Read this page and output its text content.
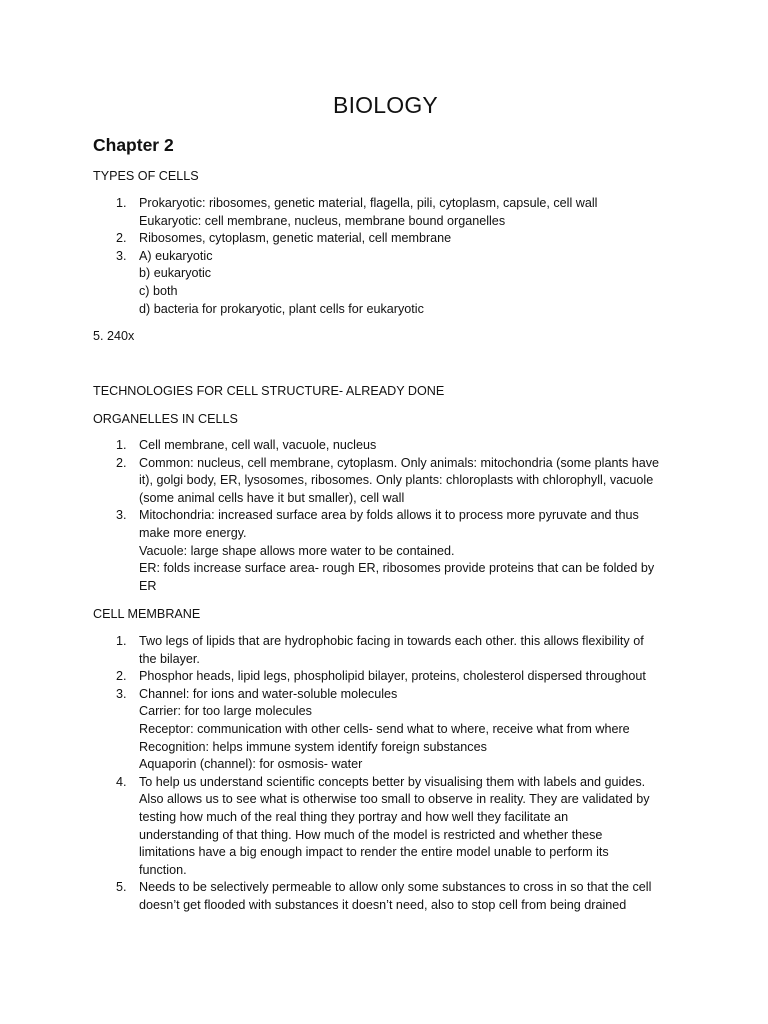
BIOLOGY
Chapter 2
TYPES OF CELLS
1. Prokaryotic: ribosomes, genetic material, flagella, pili, cytoplasm, capsule, cell wall
Eukaryotic: cell membrane, nucleus, membrane bound organelles
2. Ribosomes, cytoplasm, genetic material, cell membrane
3. A) eukaryotic
b) eukaryotic
c) both
d) bacteria for prokaryotic, plant cells for eukaryotic
5. 240x
TECHNOLOGIES FOR CELL STRUCTURE- ALREADY DONE
ORGANELLES IN CELLS
1. Cell membrane, cell wall, vacuole, nucleus
2. Common: nucleus, cell membrane, cytoplasm. Only animals: mitochondria (some plants have
it), golgi body, ER, lysosomes, ribosomes. Only plants: chloroplasts with chlorophyll, vacuole
(some animal cells have it but smaller), cell wall
3. Mitochondria: increased surface area by folds allows it to process more pyruvate and thus
make more energy.
Vacuole: large shape allows more water to be contained.
ER: folds increase surface area- rough ER, ribosomes provide proteins that can be folded by
ER
CELL MEMBRANE
1. Two legs of lipids that are hydrophobic facing in towards each other. this allows flexibility of
the bilayer.
2. Phosphor heads, lipid legs, phospholipid bilayer, proteins, cholesterol dispersed throughout
3. Channel: for ions and water-soluble molecules
Carrier: for too large molecules
Receptor: communication with other cells- send what to where, receive what from where
Recognition: helps immune system identify foreign substances
Aquaporin (channel): for osmosis- water
4. To help us understand scientific concepts better by visualising them with labels and guides.
Also allows us to see what is otherwise too small to observe in reality. They are validated by
testing how much of the real thing they portray and how well they facilitate an
understanding of that thing. How much of the model is restricted and whether these
limitations have a big enough impact to render the entire model unable to perform its
function.
5. Needs to be selectively permeable to allow only some substances to cross in so that the cell
doesn’t get flooded with substances it doesn’t need, also to stop cell from being drained
